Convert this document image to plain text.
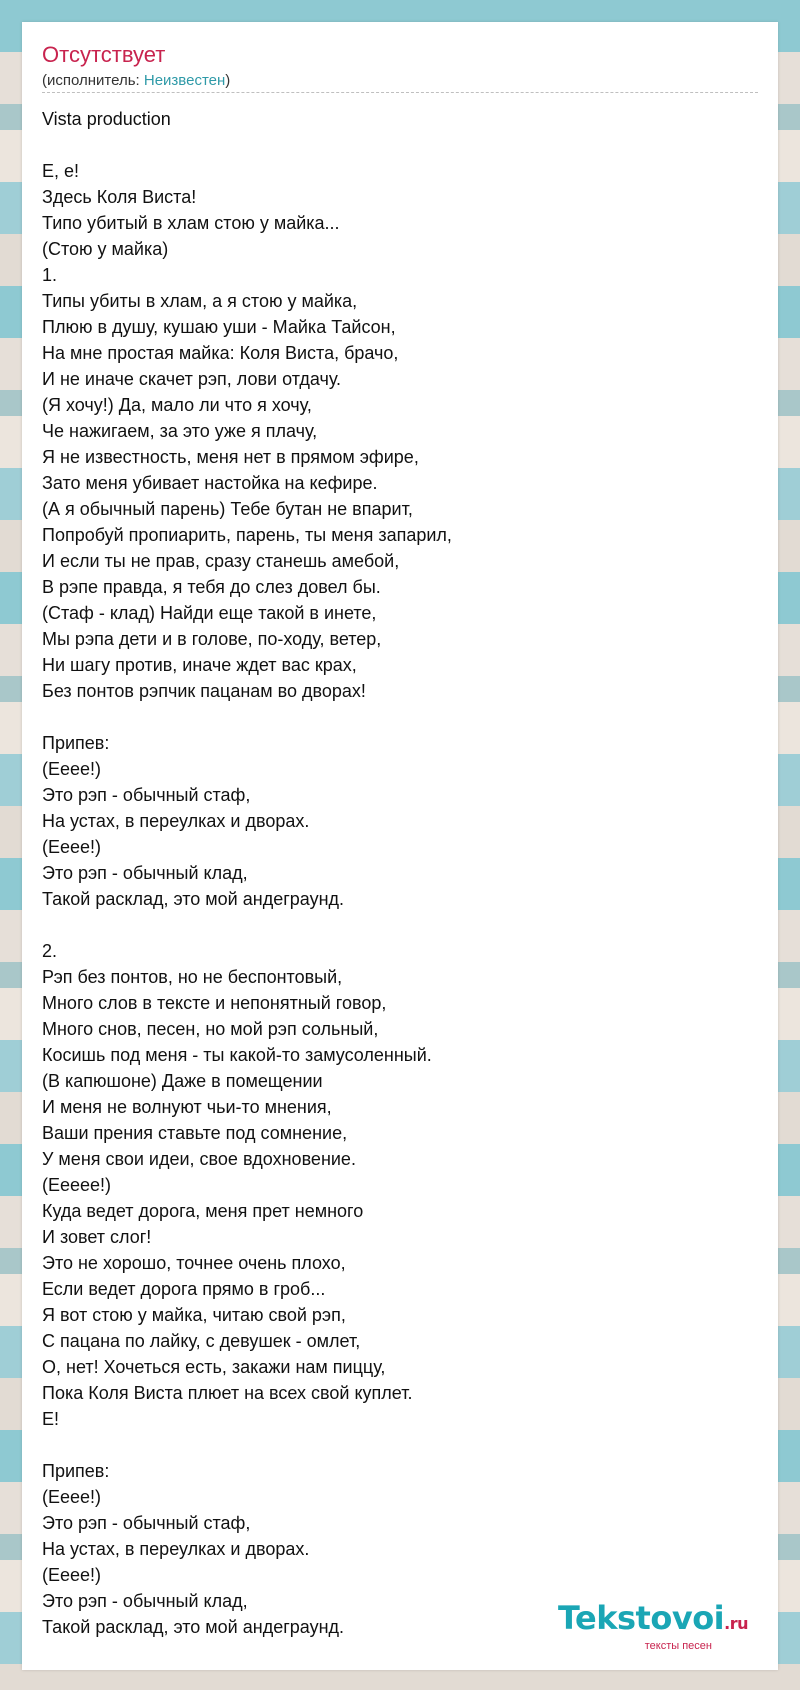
Отсутствует
(исполнитель: Неизвестен)
Vista production
Е, е!
Здесь Коля Виста!
Типо убитый в хлам стою у майка...
(Стою у майка)
1.
Типы убиты в хлам, а я стою у майка,
Плюю в душу, кушаю уши - Майка Тайсон,
На мне простая майка: Коля Виста, брачо,
И не иначе скачет рэп, лови отдачу.
(Я хочу!) Да, мало ли что я хочу,
Че нажигаем, за это уже я плачу,
Я не известность, меня нет в прямом эфире,
Зато меня убивает настойка на кефире.
(А я обычный парень) Тебе бутан не впарит,
Попробуй пропиарить, парень, ты меня запарил,
И если ты не прав, сразу станешь амебой,
В рэпе правда, я тебя до слез довел бы.
(Стаф - клад) Найди еще такой в инете,
Мы рэпа дети и в голове, по-ходу, ветер,
Ни шагу против, иначе ждет вас крах,
Без понтов рэпчик пацанам во дворах!
Припев:
(Ееее!)
Это рэп - обычный стаф,
На устах, в переулках и дворах.
(Ееее!)
Это рэп - обычный клад,
Такой расклад, это мой андеграунд.
2.
Рэп без понтов, но не беспонтовый,
Много слов в тексте и непонятный говор,
Много снов, песен, но мой рэп сольный,
Косишь под меня - ты какой-то замусоленный.
(В капюшоне) Даже в помещении
И меня не волнуют чьи-то мнения,
Ваши прения ставьте под сомнение,
У меня свои идеи, свое вдохновение.
(Еееее!)
Куда ведет дорога, меня прет немного
И зовет слог!
Это не хорошо, точнее очень плохо,
Если ведет дорога прямо в гроб...
Я вот стою у майка, читаю свой рэп,
С пацана по лайку, с девушек - омлет,
О, нет! Хочеться есть, закажи нам пиццу,
Пока Коля Виста плюет на всех свой куплет.
Е!
Припев:
(Ееее!)
Это рэп - обычный стаф,
На устах, в переулках и дворах.
(Ееее!)
Это рэп - обычный клад,
Такой расклад, это мой андеграунд.	Tekstovoi.ru
тексты песен
